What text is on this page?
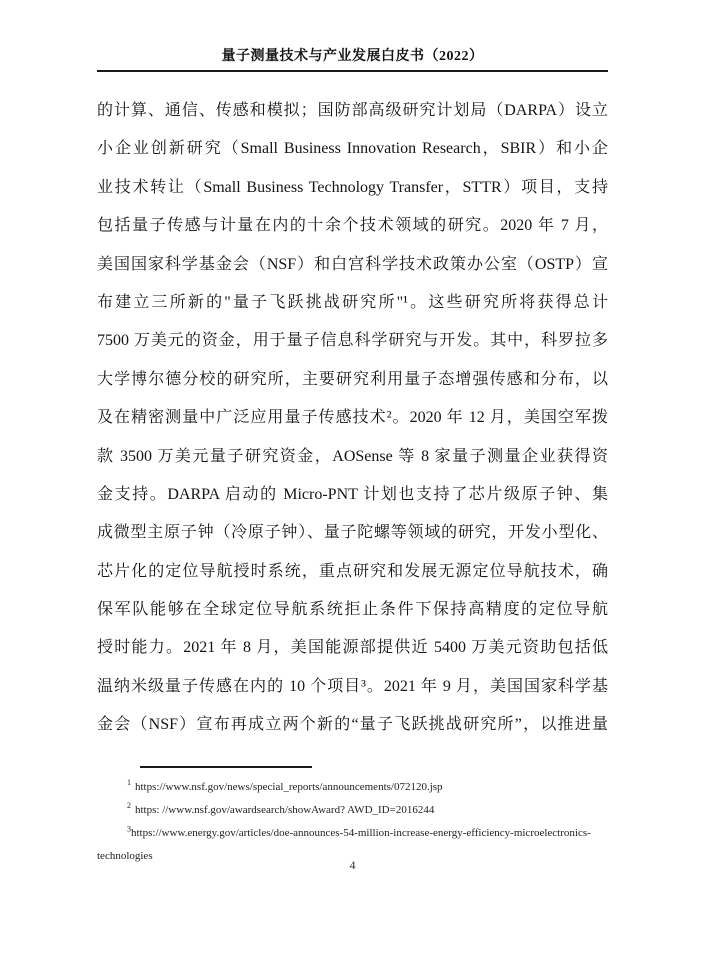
量子测量技术与产业发展白皮书（2022）
的计算、通信、传感和模拟；国防部高级研究计划局（DARPA）设立
小企业创新研究（Small Business Innovation Research，SBIR）和小企
业技术转让（Small Business Technology Transfer，STTR）项目，支持
包括量子传感与计量在内的十余个技术领域的研究。2020 年 7 月，
美国国家科学基金会（NSF）和白宫科学技术政策办公室（OSTP）宣
布建立三所新的"量子飞跃挑战研究所"¹。这些研究所将获得总计
7500 万美元的资金，用于量子信息科学研究与开发。其中，科罗拉多
大学博尔德分校的研究所，主要研究利用量子态增强传感和分布，以
及在精密测量中广泛应用量子传感技术²。2020 年 12 月，美国空军拨
款 3500 万美元量子研究资金，AOSense 等 8 家量子测量企业获得资
金支持。DARPA 启动的 Micro-PNT 计划也支持了芯片级原子钟、集
成微型主原子钟（冷原子钟）、量子陀螺等领域的研究，开发小型化、
芯片化的定位导航授时系统，重点研究和发展无源定位导航技术，确
保军队能够在全球定位导航系统拒止条件下保持高精度的定位导航
授时能力。2021 年 8 月，美国能源部提供近 5400 万美元资助包括低
温纳米级量子传感在内的 10 个项目³。2021 年 9 月，美国国家科学基
金会（NSF）宣布再成立两个新的“量子飞跃挑战研究所”，以推进量
$^1$ https://www.nsf.gov/news/special_reports/announcements/072120.jsp
$^2$ https: //www.nsf.gov/awardsearch/showAward? AWD_ID=2016244
$^3$https://www.energy.gov/articles/doe-announces-54-million-increase-energy-efficiency-microelectronics-
technologies
4
